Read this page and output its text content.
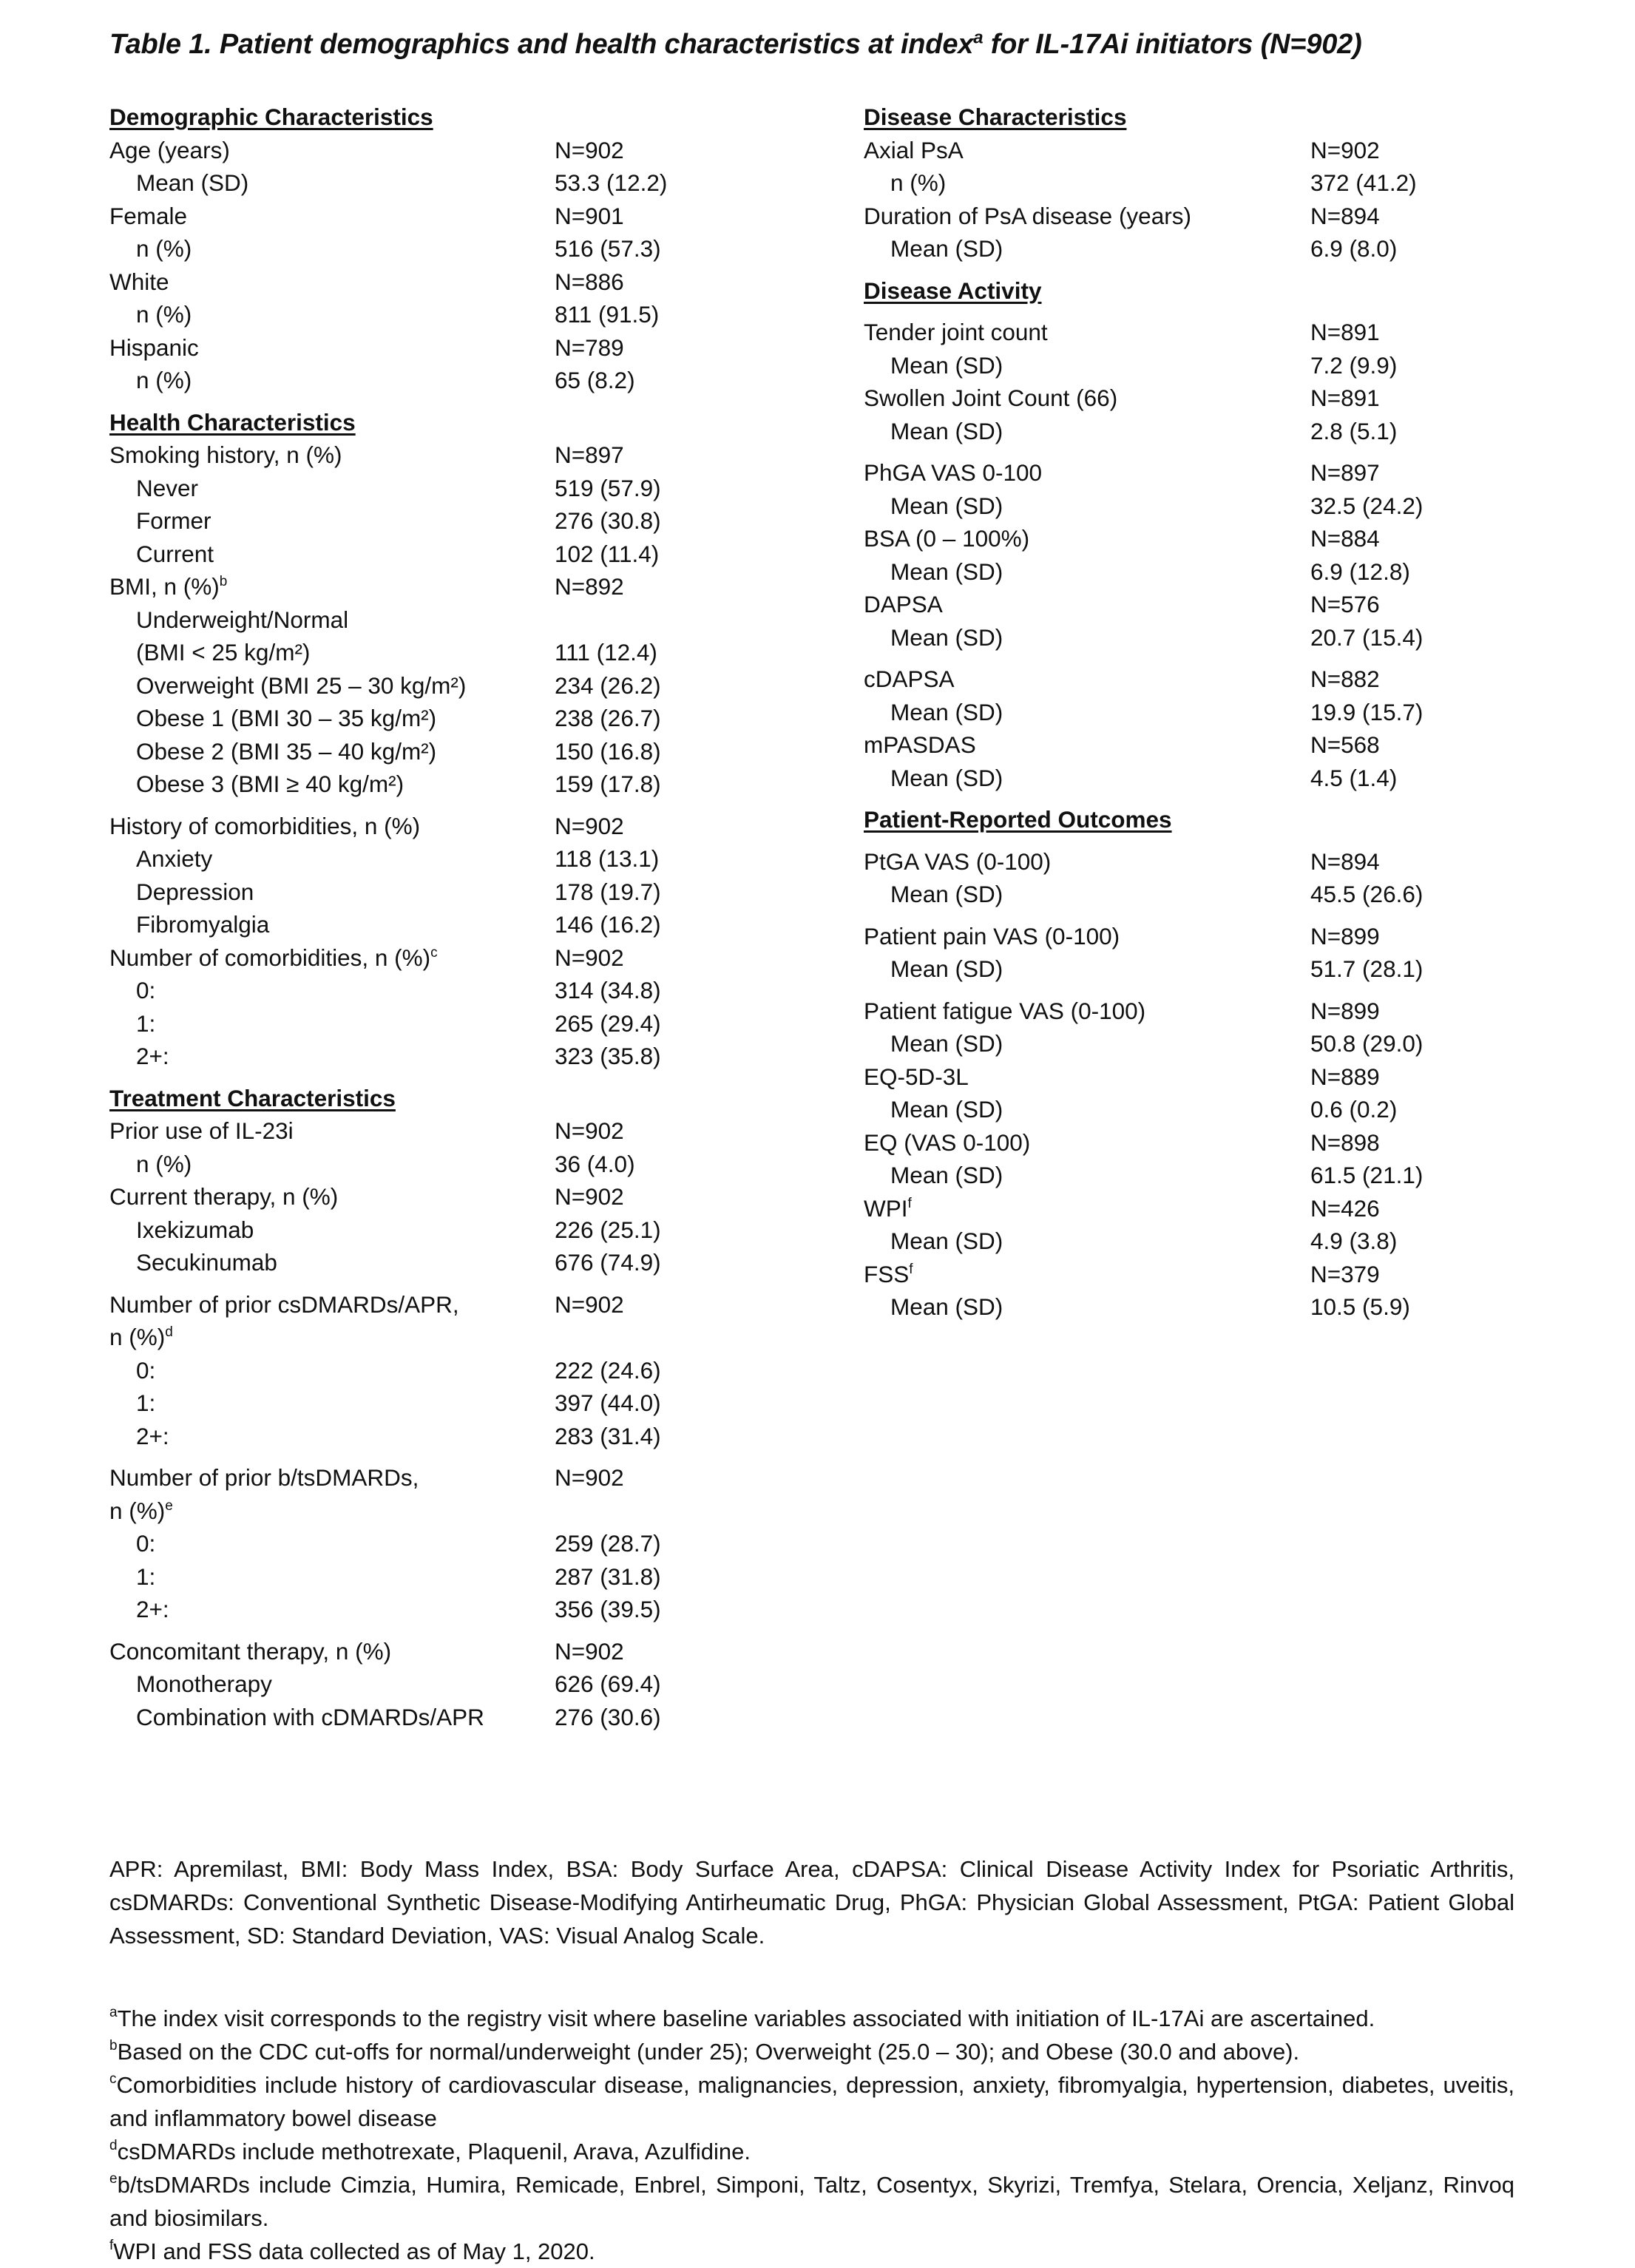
Table 1. Patient demographics and health characteristics at index$^a$ for IL-17Ai initiators (N=902)
Demographic Characteristics
Age (years)	N=902
Mean (SD)	53.3 (12.2)
Female	N=901
n (%)	516 (57.3)
White	N=886
n (%)	811 (91.5)
Hispanic	N=789
n (%)	65 (8.2)
Health Characteristics
Smoking history, n (%)	N=897
Never	519 (57.9)
Former	276 (30.8)
Current	102 (11.4)
BMI, n (%)$^b$	N=892
Underweight/Normal
(BMI < 25 kg/m²)	111 (12.4)
Overweight (BMI 25 – 30 kg/m²)	234 (26.2)
Obese 1 (BMI 30 – 35 kg/m²)	238 (26.7)
Obese 2 (BMI 35 – 40 kg/m²)	150 (16.8)
Obese 3 (BMI ≥ 40 kg/m²)	159 (17.8)
History of comorbidities, n (%)	N=902
Anxiety	118 (13.1)
Depression	178 (19.7)
Fibromyalgia	146 (16.2)
Number of comorbidities, n (%)$^c$	N=902
0:	314 (34.8)
1:	265 (29.4)
2+:	323 (35.8)
Treatment Characteristics
Prior use of IL-23i	N=902
n (%)	36 (4.0)
Current therapy, n (%)	N=902
Ixekizumab	226 (25.1)
Secukinumab	676 (74.9)
Number of prior csDMARDs/APR,	N=902
n (%)$^d$
0:	222 (24.6)
1:	397 (44.0)
2+:	283 (31.4)
Number of prior b/tsDMARDs,	N=902
n (%)$^e$
0:	259 (28.7)
1:	287 (31.8)
2+:	356 (39.5)
Concomitant therapy, n (%)	N=902
Monotherapy	626 (69.4)
Combination with cDMARDs/APR	276 (30.6)
Disease Characteristics
Axial PsA	N=902
n (%)	372 (41.2)
Duration of PsA disease (years)	N=894
Mean (SD)	6.9 (8.0)
Disease Activity
Tender joint count	N=891
Mean (SD)	7.2 (9.9)
Swollen Joint Count (66)	N=891
Mean (SD)	2.8 (5.1)
PhGA VAS 0-100	N=897
Mean (SD)	32.5 (24.2)
BSA (0 – 100%)	N=884
Mean (SD)	6.9 (12.8)
DAPSA	N=576
Mean (SD)	20.7 (15.4)
cDAPSA	N=882
Mean (SD)	19.9 (15.7)
mPASDAS	N=568
Mean (SD)	4.5 (1.4)
Patient-Reported Outcomes
PtGA VAS (0-100)	N=894
Mean (SD)	45.5 (26.6)
Patient pain VAS (0-100)	N=899
Mean (SD)	51.7 (28.1)
Patient fatigue VAS (0-100)	N=899
Mean (SD)	50.8 (29.0)
EQ-5D-3L	N=889
Mean (SD)	0.6 (0.2)
EQ (VAS 0-100)	N=898
Mean (SD)	61.5 (21.1)
WPI$^f$	N=426
Mean (SD)	4.9 (3.8)
FSS$^f$	N=379
Mean (SD)	10.5 (5.9)

APR: Apremilast, BMI: Body Mass Index, BSA: Body Surface Area, cDAPSA: Clinical Disease Activity Index for Psoriatic Arthritis, csDMARDs: Conventional Synthetic Disease-Modifying Antirheumatic Drug, PhGA: Physician Global Assessment, PtGA: Patient Global Assessment, SD: Standard Deviation, VAS: Visual Analog Scale.

$^a$The index visit corresponds to the registry visit where baseline variables associated with initiation of IL-17Ai are ascertained.

$^b$Based on the CDC cut-offs for normal/underweight (under 25); Overweight (25.0 – 30); and Obese (30.0 and above).

$^c$Comorbidities include history of cardiovascular disease, malignancies, depression, anxiety, fibromyalgia, hypertension, diabetes, uveitis, and inflammatory bowel disease

$^d$csDMARDs include methotrexate, Plaquenil, Arava, Azulfidine.

$^e$b/tsDMARDs include Cimzia, Humira, Remicade, Enbrel, Simponi, Taltz, Cosentyx, Skyrizi, Tremfya, Stelara, Orencia, Xeljanz, Rinvoq and biosimilars.

$^f$WPI and FSS data collected as of May 1, 2020.
